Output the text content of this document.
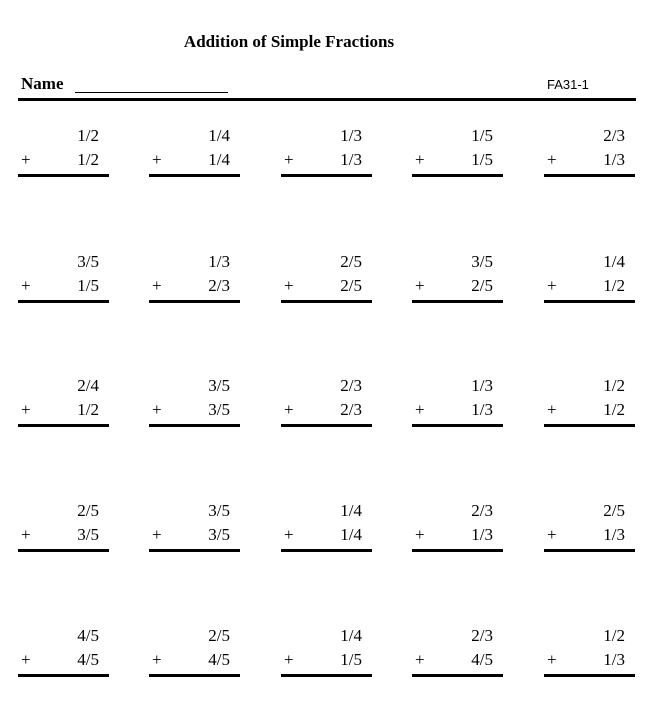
Addition of Simple Fractions
Name	FA31-1
1/2
+	1/2
1/4
+	1/4
1/3
+	1/3
1/5
+	1/5
2/3
+	1/3
3/5
+	1/5
1/3
+	2/3
2/5
+	2/5
3/5
+	2/5
1/4
+	1/2
2/4
+	1/2
3/5
+	3/5
2/3
+	2/3
1/3
+	1/3
1/2
+	1/2
2/5
+	3/5
3/5
+	3/5
1/4
+	1/4
2/3
+	1/3
2/5
+	1/3
4/5
+	4/5
2/5
+	4/5
1/4
+	1/5
2/3
+	4/5
1/2
+	1/3
